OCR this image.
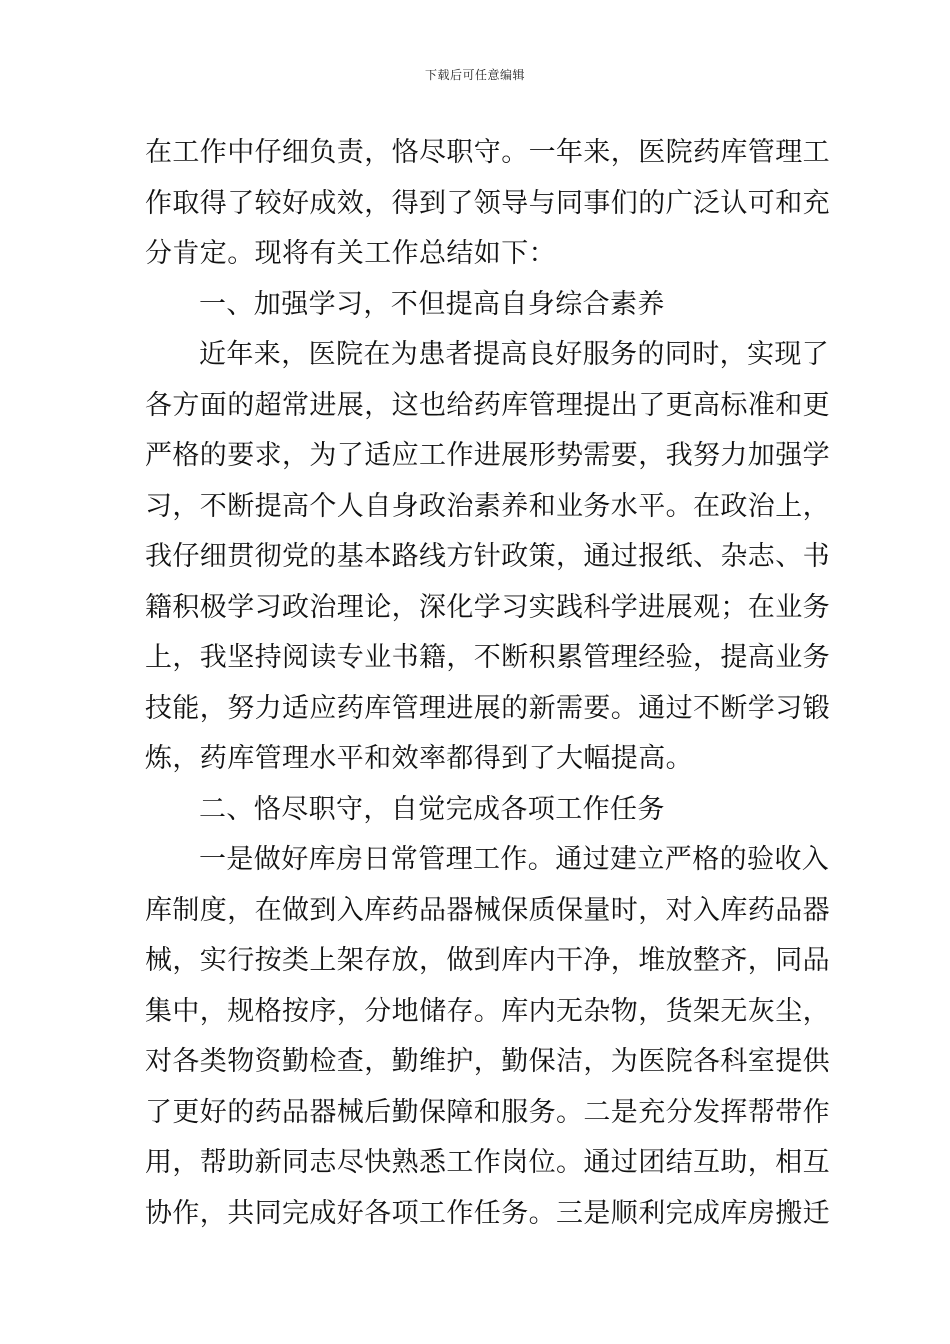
下载后可任意编辑
在工作中仔细负责，恪尽职守。一年来，医院药库管理工
作取得了较好成效，得到了领导与同事们的广泛认可和充
分肯定。现将有关工作总结如下：
一、加强学习，不但提高自身综合素养
近年来，医院在为患者提高良好服务的同时，实现了
各方面的超常进展，这也给药库管理提出了更高标准和更
严格的要求，为了适应工作进展形势需要，我努力加强学
习，不断提高个人自身政治素养和业务水平。在政治上，
我仔细贯彻党的基本路线方针政策，通过报纸、杂志、书
籍积极学习政治理论，深化学习实践科学进展观；在业务
上，我坚持阅读专业书籍，不断积累管理经验，提高业务
技能，努力适应药库管理进展的新需要。通过不断学习锻
炼，药库管理水平和效率都得到了大幅提高。
二、恪尽职守，自觉完成各项工作任务
一是做好库房日常管理工作。通过建立严格的验收入
库制度，在做到入库药品器械保质保量时，对入库药品器
械，实行按类上架存放，做到库内干净，堆放整齐，同品
集中，规格按序，分地储存。库内无杂物，货架无灰尘，
对各类物资勤检查，勤维护，勤保洁，为医院各科室提供
了更好的药品器械后勤保障和服务。二是充分发挥帮带作
用，帮助新同志尽快熟悉工作岗位。通过团结互助，相互
协作，共同完成好各项工作任务。三是顺利完成库房搬迁
